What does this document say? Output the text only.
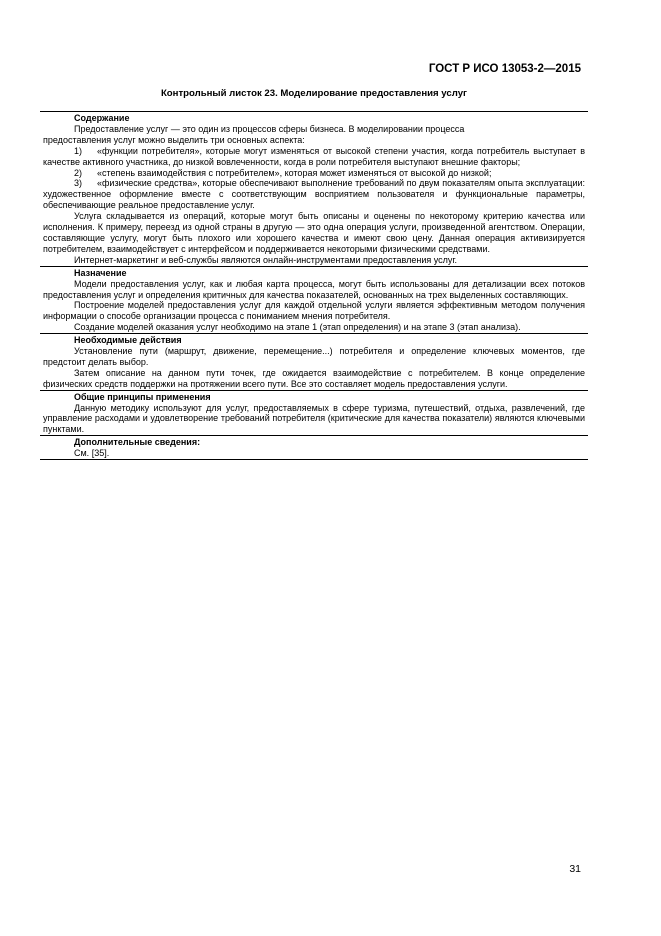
ГОСТ Р ИСО 13053-2—2015
Контрольный листок 23. Моделирование предоставления услуг
Содержание

Предоставление услуг — это один из процессов сферы бизнеса. В моделировании процесса

предоставления услуг можно выделить три основных аспекта:

1) «функции потребителя», которые могут изменяться от высокой степени участия, когда потребитель выступает в качестве активного участника, до низкой вовлеченности, когда в роли потребителя выступают внешние факторы;

2) «степень взаимодействия с потребителем», которая может изменяться от высокой до низкой;

3) «физические средства», которые обеспечивают выполнение требований по двум показателям опыта эксплуатации: художественное оформление вместе с соответствующим восприятием пользователя и функциональные параметры, обеспечивающие реальное предоставление услуг.

Услуга складывается из операций, которые могут быть описаны и оценены по некоторому критерию качества или исполнения. К примеру, переезд из одной страны в другую — это одна операция услуги, произведенной агентством. Операции, составляющие услугу, могут быть плохого или хорошего качества и имеют свою цену. Данная операция активизируется потребителем, взаимодействует с интерфейсом и поддерживается некоторыми физическими средствами.

Интернет-маркетинг и веб-службы являются онлайн-инструментами предоставления услуг.

Назначение

Модели предоставления услуг, как и любая карта процесса, могут быть использованы для детализации всех потоков предоставления услуг и определения критичных для качества показателей, основанных на трех выделенных составляющих.

Построение моделей предоставления услуг для каждой отдельной услуги является эффективным методом получения информации о способе организации процесса с пониманием мнения потребителя.

Создание моделей оказания услуг необходимо на этапе 1 (этап определения) и на этапе 3 (этап анализа).

Необходимые действия

Установление пути (маршрут, движение, перемещение...) потребителя и определение ключевых моментов, где предстоит делать выбор.

Затем описание на данном пути точек, где ожидается взаимодействие с потребителем. В конце определение физических средств поддержки на протяжении всего пути. Все это составляет модель предоставления услуги.

Общие принципы применения

Данную методику используют для услуг, предоставляемых в сфере туризма, путешествий, отдыха, развлечений, где управление расходами и удовлетворение требований потребителя (критические для качества показатели) являются ключевыми пунктами.

Дополнительные сведения:

См. [35].

31
